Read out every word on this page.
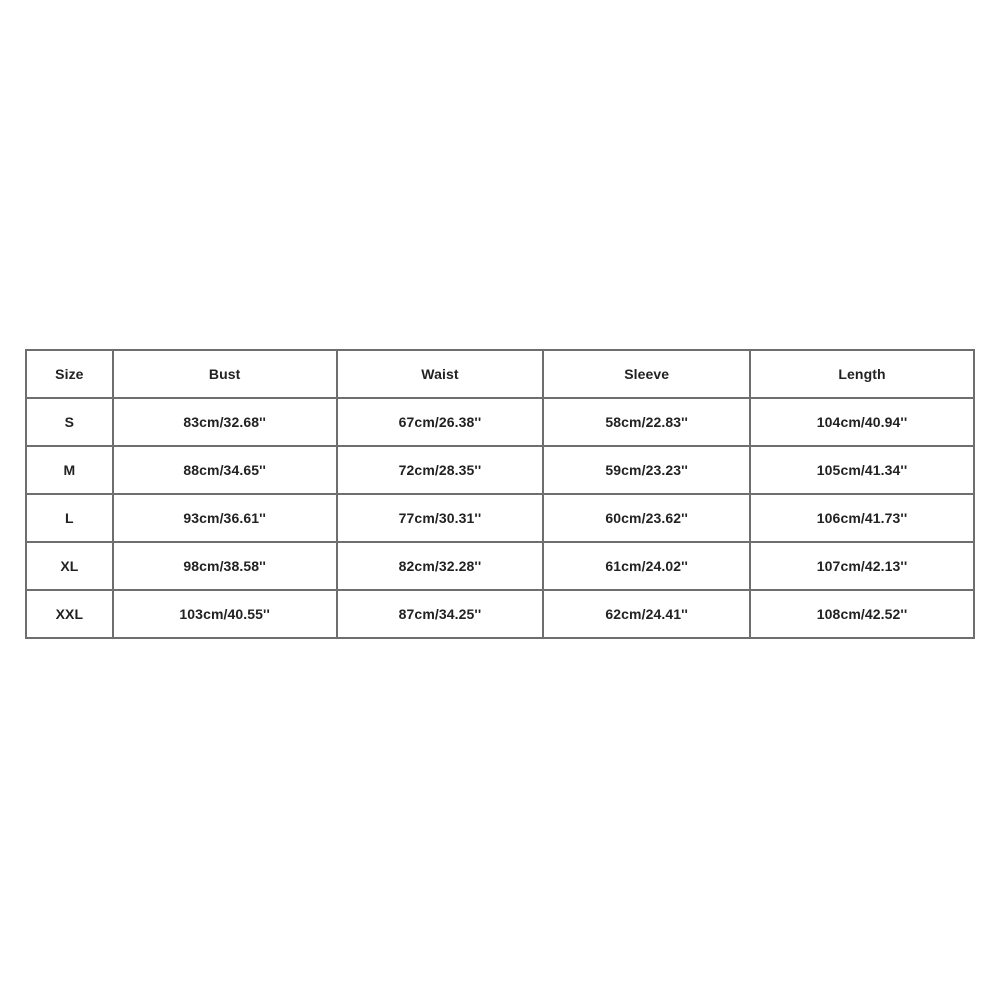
Size	Bust	Waist	Sleeve	Length
S	83cm/32.68''	67cm/26.38''	58cm/22.83''	104cm/40.94''
M	88cm/34.65''	72cm/28.35''	59cm/23.23''	105cm/41.34''
L	93cm/36.61''	77cm/30.31''	60cm/23.62''	106cm/41.73''
XL	98cm/38.58''	82cm/32.28''	61cm/24.02''	107cm/42.13''
XXL	103cm/40.55''	87cm/34.25''	62cm/24.41''	108cm/42.52''
